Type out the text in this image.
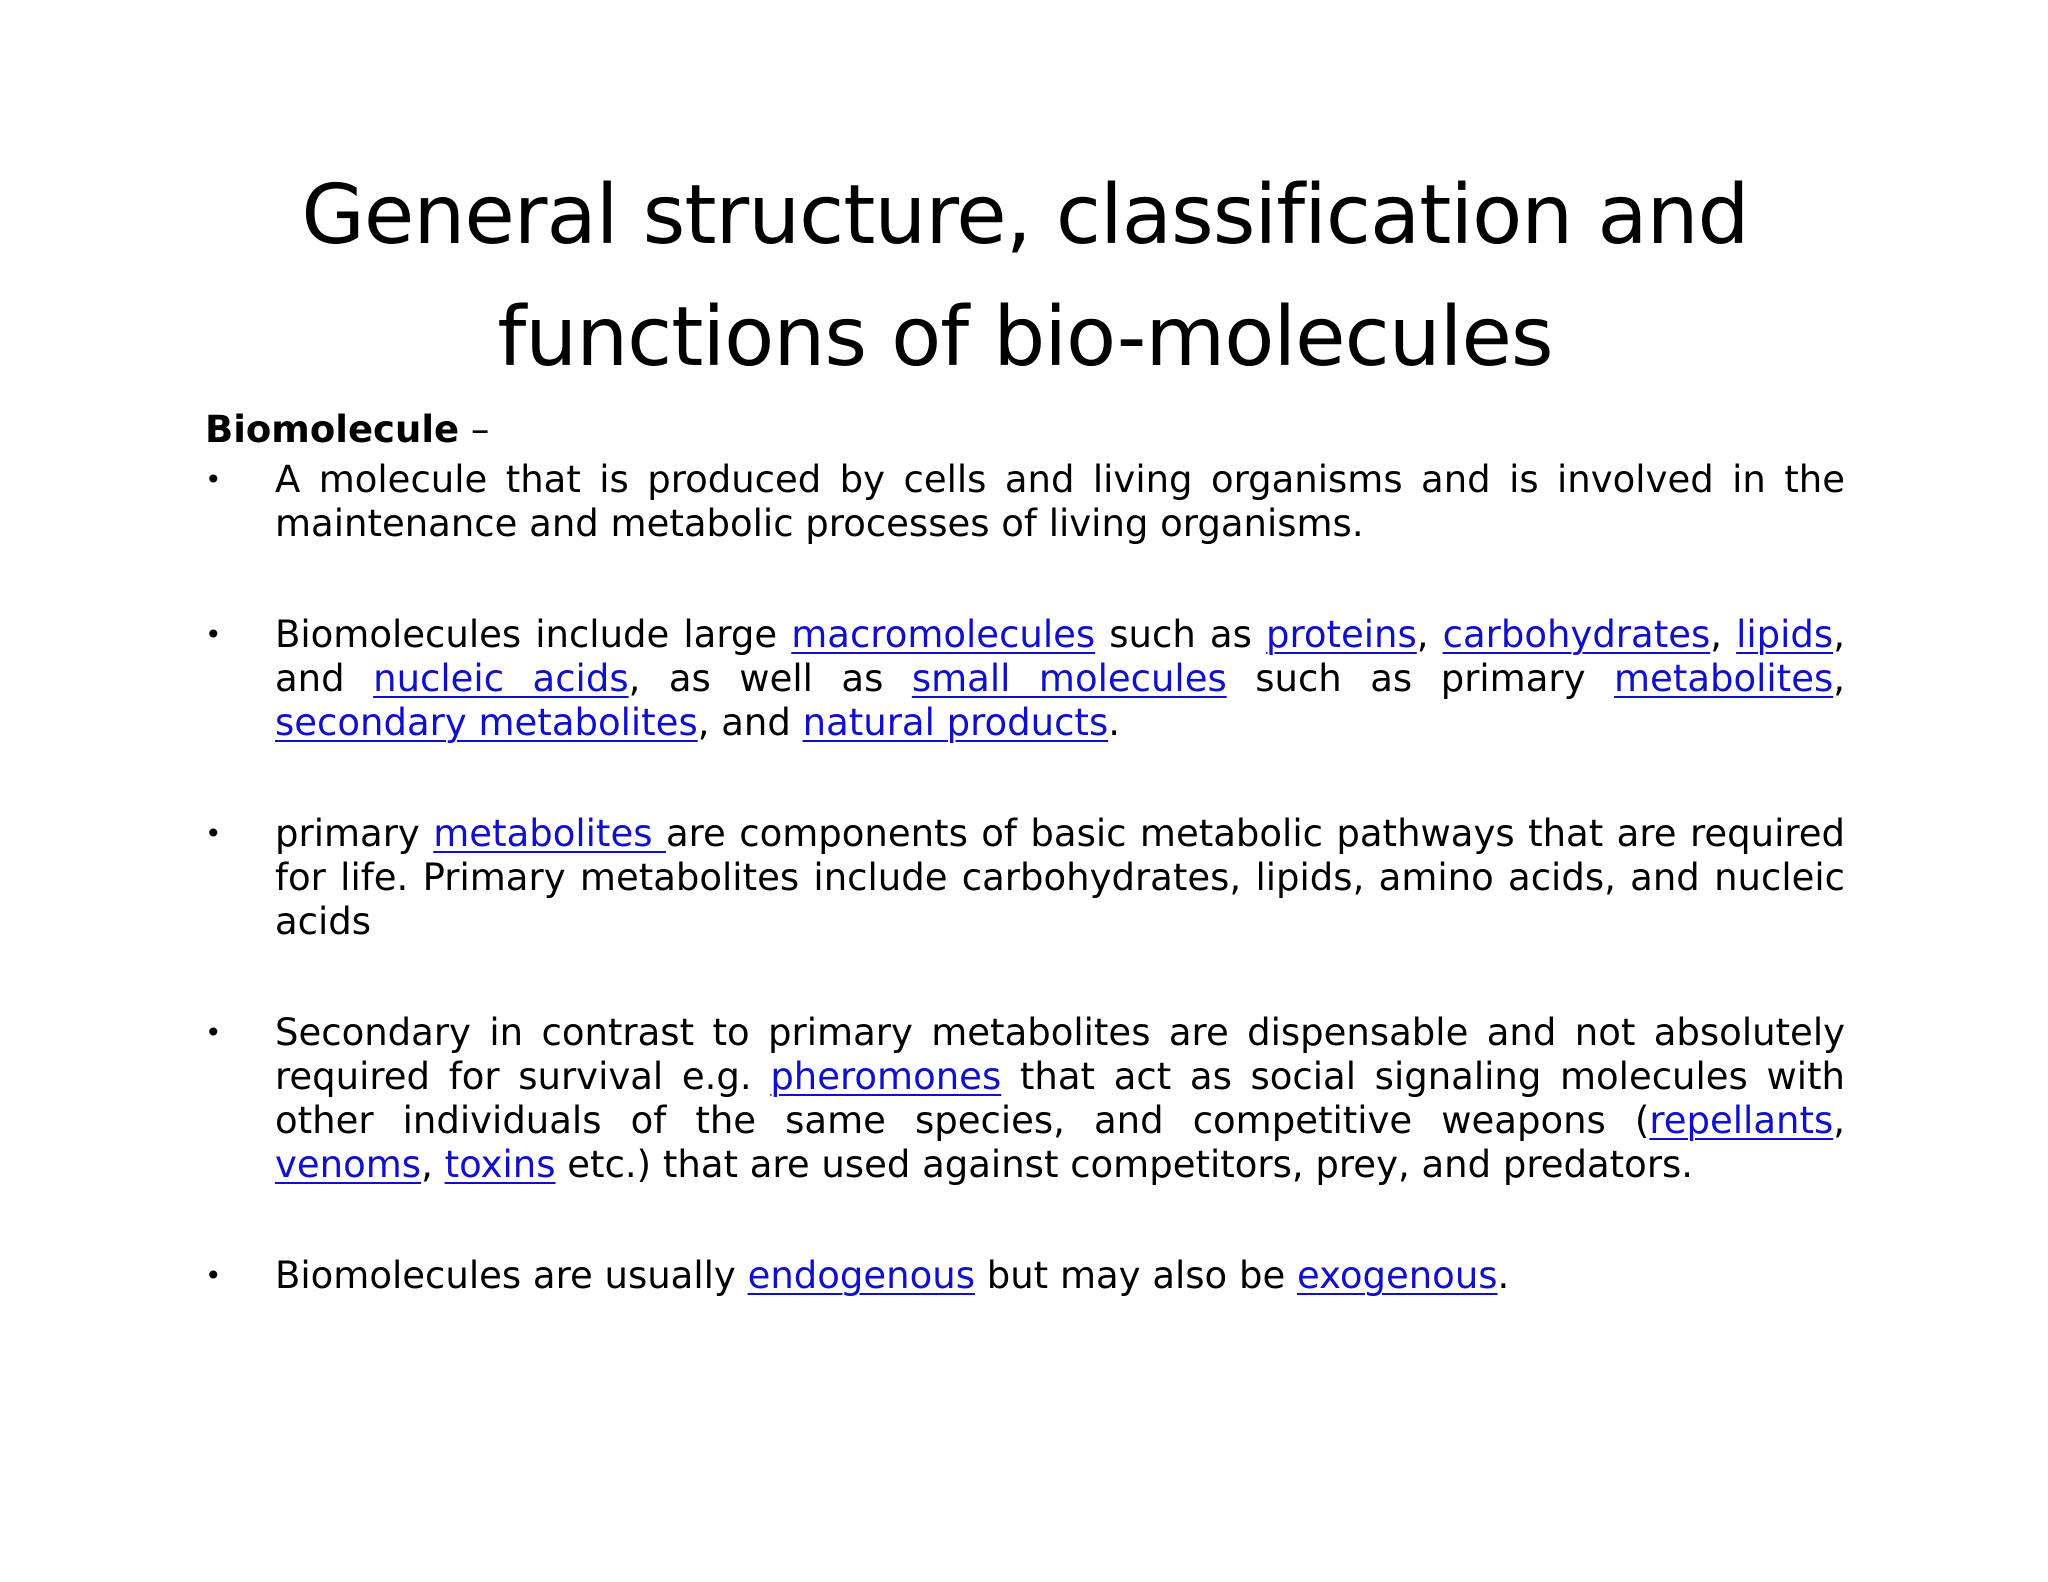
General structure, classification and
functions of bio-molecules
Biomolecule –
• A molecule that is produced by cells and living organisms and is involved in the maintenance and metabolic processes of living organisms.
• Biomolecules include large macromolecules such as proteins, carbohydrates, lipids, and nucleic acids, as well as small molecules such as primary metabolites, secondary metabolites, and natural products.
• primary metabolites are components of basic metabolic pathways that are required for life. Primary metabolites include carbohydrates, lipids, amino acids, and nucleic acids
• Secondary in contrast to primary metabolites are dispensable and not absolutely required for survival e.g. pheromones that act as social signaling molecules with other individuals of the same species, and competitive weapons (repellants, venoms, toxins etc.) that are used against competitors, prey, and predators.
• Biomolecules are usually endogenous but may also be exogenous.
